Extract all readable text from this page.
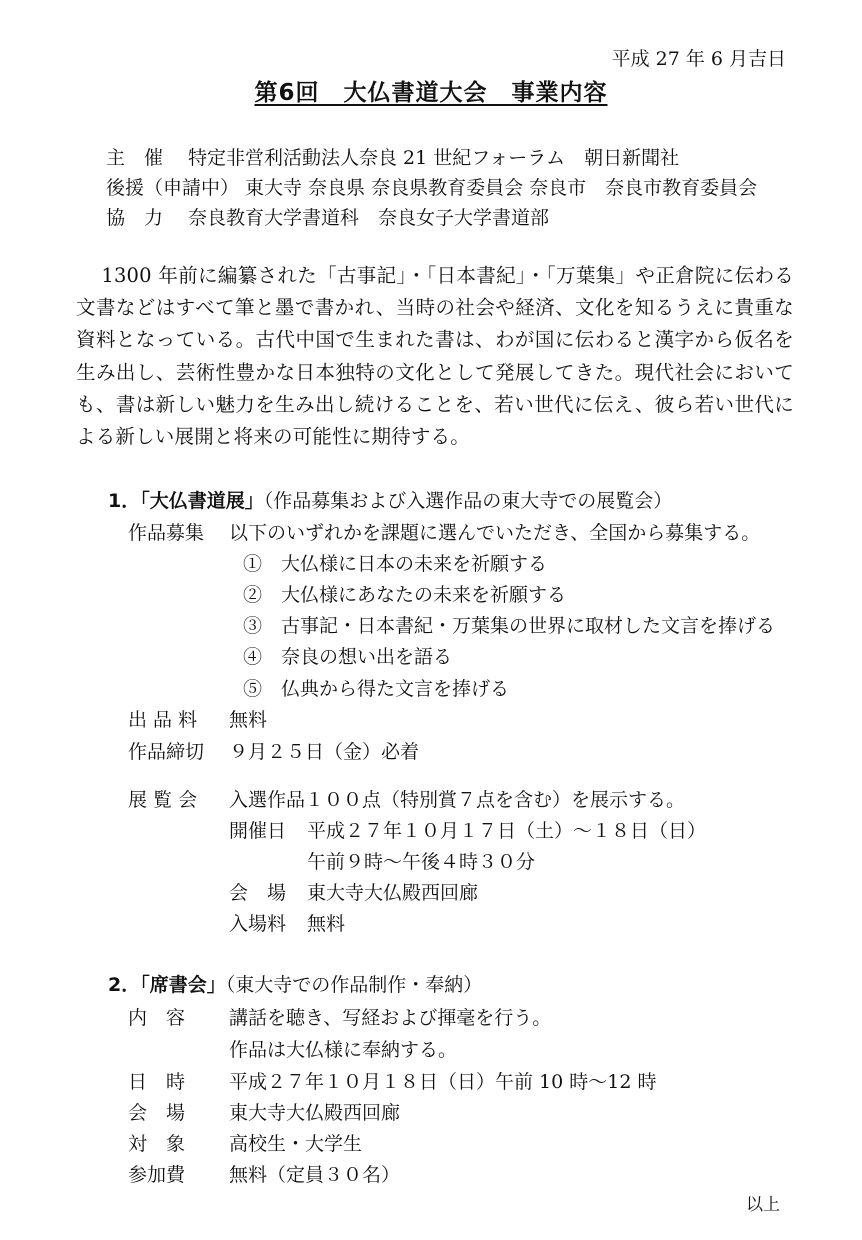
平成 27 年 6 月吉日
第6回　大仏書道大会　事業内容
主　催 特定非営利活動法人奈良 21 世紀フォーラム　朝日新聞社
後援（申請中） 東大寺 奈良県 奈良県教育委員会 奈良市　奈良市教育委員会
協　力 奈良教育大学書道科　奈良女子大学書道部

1300 年前に編纂された「古事記」・「日本書紀」・「万葉集」や正倉院に伝わる文書などはすべて筆と墨で書かれ、当時の社会や経済、文化を知るうえに貴重な資料となっている。古代中国で生まれた書は、わが国に伝わると漢字から仮名を生み出し、芸術性豊かな日本独特の文化として発展してきた。現代社会においても、書は新しい魅力を生み出し続けることを、若い世代に伝え、彼ら若い世代による新しい展開と将来の可能性に期待する。

1．「大仏書道展」（作品募集および入選作品の東大寺での展覧会）
作品募集 以下のいずれかを課題に選んでいただき、全国から募集する。
①　大仏様に日本の未来を祈願する
②　大仏様にあなたの未来を祈願する
③　古事記・日本書紀・万葉集の世界に取材した文言を捧げる
④　奈良の想い出を語る
⑤　仏典から得た文言を捧げる
出 品 料 無料
作品締切 ９月２５日（金）必着
展 覧 会 入選作品１００点（特別賞７点を含む）を展示する。
開催日 平成２７年１０月１７日（土）～１８日（日）
午前９時～午後４時３０分
会　場 東大寺大仏殿西回廊
入場料 無料
2．「席書会」（東大寺での作品制作・奉納）
内　容 講話を聴き、写経および揮毫を行う。
作品は大仏様に奉納する。
日　時 平成２７年１０月１８日（日）午前 10 時～12 時
会　場 東大寺大仏殿西回廊
対　象 高校生・大学生
参加費 無料（定員３０名）
以上
